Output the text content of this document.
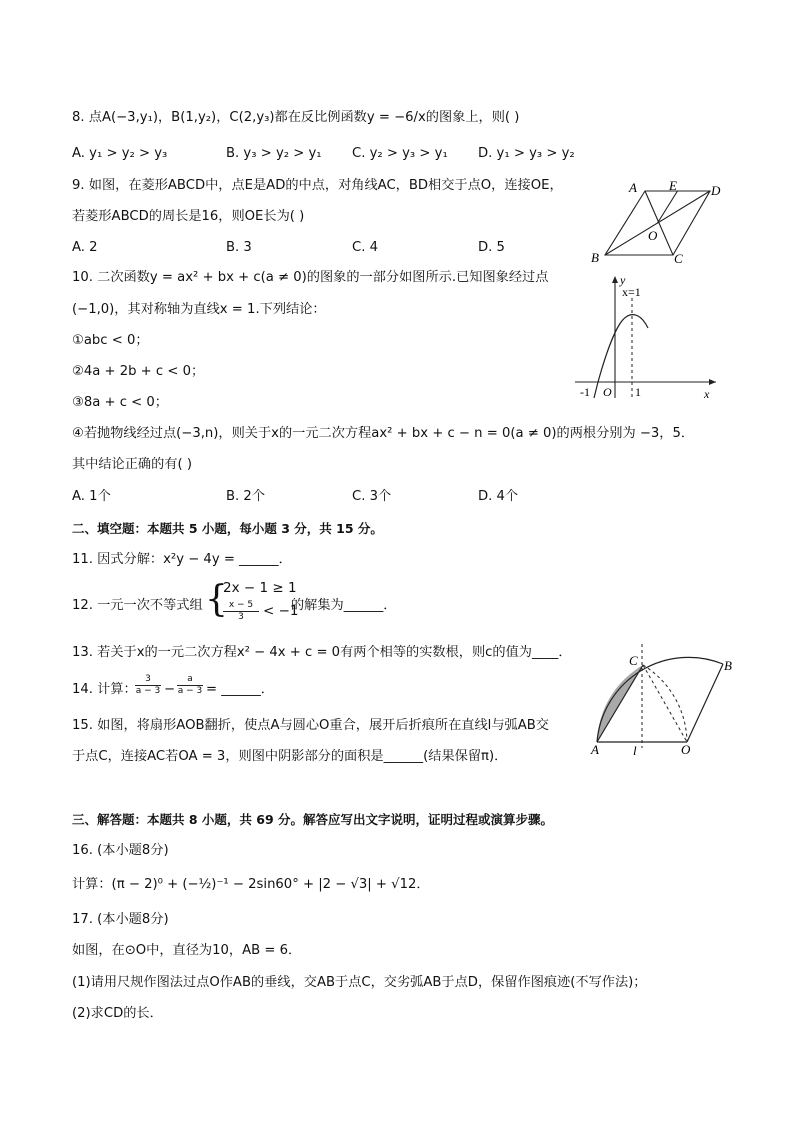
8. 点A(−3,y₁)，B(1,y₂)，C(2,y₃)都在反比例函数y = −6/x的图象上，则( )
A. y₁ > y₂ > y₃	B. y₃ > y₂ > y₁ C. y₂ > y₃ > y₁ D. y₁ > y₃ > y₂
9. 如图，在菱形ABCD中，点E是AD的中点，对角线AC，BD相交于点O，连接OE，
若菱形ABCD的周长是16，则OE长为( )
A. 2	B. 3	C. 4	D. 5
A E	D
O
B	C
10. 二次函数y = ax² + bx + c(a ≠ 0)的图象的一部分如图所示.已知图象经过点
(−1,0)，其对称轴为直线x = 1.下列结论：
①abc < 0；
②4a + 2b + c < 0；
③8a + c < 0；
④若抛物线经过点(−3,n)，则关于x的一元二次方程ax² + bx + c − n = 0(a ≠ 0)的两根分别为 −3，5．
其中结论正确的有( )
A. 1个	B. 2个	C. 3个	D. 4个
y
x=1
-1 O 1	x
二、填空题：本题共 5 小题，每小题 3 分，共 15 分。
11. 因式分解：x²y − 4y = ______．
12. 一元一次不等式组 {
2x − 1 ≥ 1
$\frac{x - 5}{3} < -1$
的解集为______．
13. 若关于x的一元二次方程x² − 4x + c = 0有两个相等的实数根，则c的值为____．
14. 计算：
$\frac{3}{a - 3} - \frac{a}{a - 3}$ = ______．
15. 如图，将扇形AOB翻折，使点A与圆心O重合，展开后折痕所在直线l与弧AB交
于点C，连接AC若OA = 3，则图中阴影部分的面积是______(结果保留π)．
C	B
A	l	O
三、解答题：本题共 8 小题，共 69 分。解答应写出文字说明，证明过程或演算步骤。
16. (本小题8分)
计算：(π − 2)⁰ + (−½)⁻¹ − 2sin60° + |2 − √3| + √12．
17. (本小题8分)
如图，在⊙O中，直径为10，AB = 6．
(1)请用尺规作图法过点O作AB的垂线，交AB于点C，交劣弧AB于点D，保留作图痕迹(不写作法)；
(2)求CD的长．
